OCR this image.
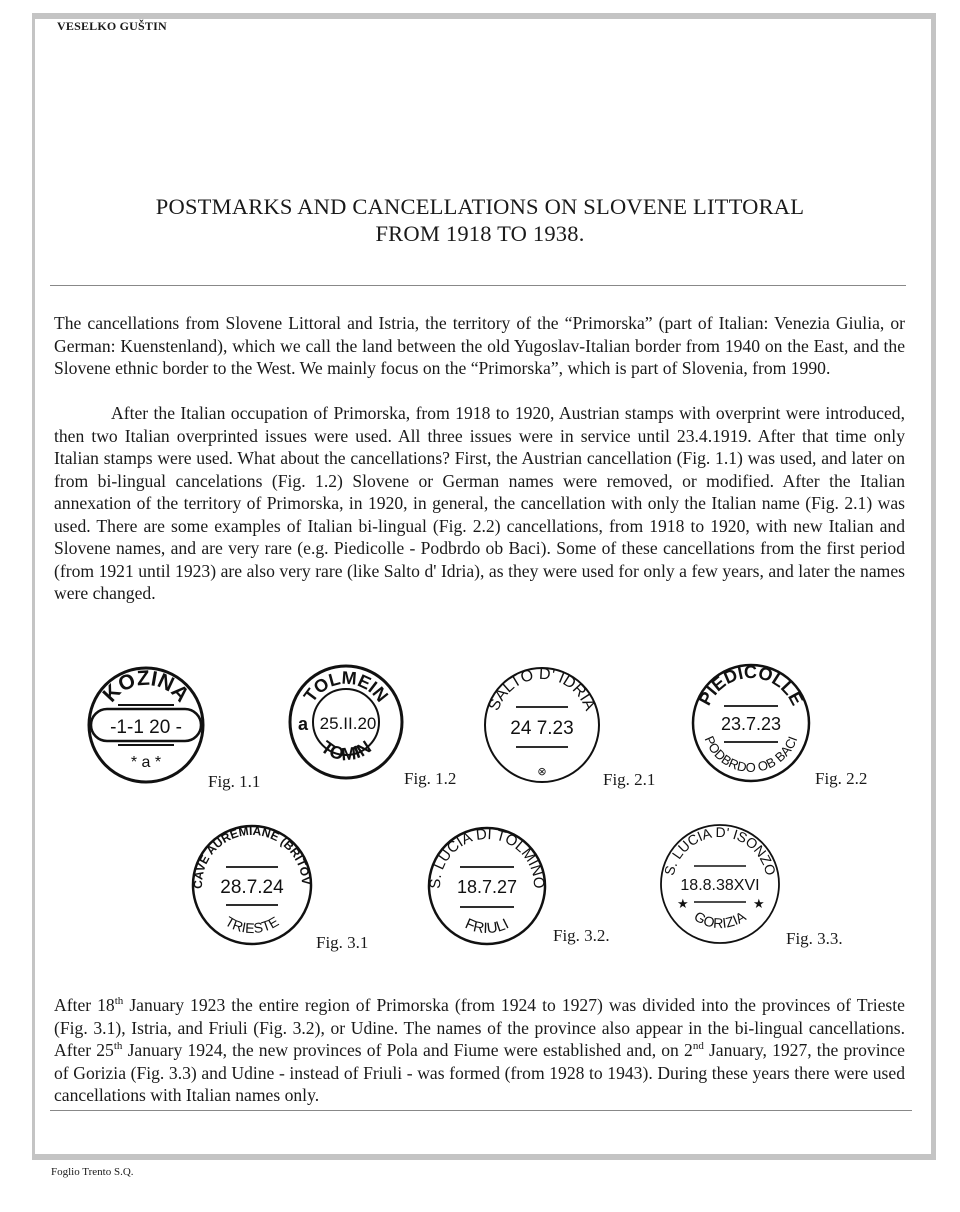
VESELKO GUŠTIN
POSTMARKS AND CANCELLATIONS ON SLOVENE LITTORAL
FROM 1918 TO 1938.

The cancellations from Slovene Littoral and Istria, the territory of the “Primorska” (part of Italian: Venezia Giulia, or German: Kuenstenland), which we call the land between the old Yugoslav-Italian border from 1940 on the East, and the Slovene ethnic border to the West. We mainly focus on the “Primorska”, which is part of Slovenia, from 1990.

After the Italian occupation of Primorska, from 1918 to 1920, Austrian stamps with overprint were introduced, then two Italian overprinted issues were used. All three issues were in service until 23.4.1919. After that time only Italian stamps were used. What about the cancellations? First, the Austrian cancellation (Fig. 1.1) was used, and later on from bi-lingual cancelations (Fig. 1.2) Slovene or German names were removed, or modified. After the Italian annexation of the territory of Primorska, in 1920, in general, the cancellation with only the Italian name (Fig. 2.1) was used. There are some examples of Italian bi-lingual (Fig. 2.2) cancellations, from 1918 to 1920, with new Italian and Slovene names, and are very rare (e.g. Piedicolle - Podbrdo ob Baci). Some of these cancellations from the first period (from 1921 until 1923) are also very rare (like Salto d' Idria), as they were used for only a few years, and later the names were changed.

KOZINA
-1-1 20 -
* a *
Fig. 1.1
TOLMEIN
a 25.II.20
TOMIN
Fig. 1.2
SALTO D' IDRIA
24 7.23
⊗	Fig. 2.1
PIEDICOLLE
23.7.23
PODBRDO OB BACI
Fig. 2.2
CAVE AUREMIANE (BRITOV
28.7.24
TRIESTE
Fig. 3.1
S. LUCIA DI TOLMINO
18.7.27
FRIULI
Fig. 3.2.
S. LUCIA D' ISONZO
18.8.38XVI
★	★
GORIZIA
Fig. 3.3.

After 18th January 1923 the entire region of Primorska (from 1924 to 1927) was divided into the provinces of Trieste (Fig. 3.1), Istria, and Friuli (Fig. 3.2), or Udine. The names of the province also appear in the bi-lingual cancellations. After 25th January 1924, the new provinces of Pola and Fiume were established and, on 2nd January, 1927, the province of Gorizia (Fig. 3.3) and Udine - instead of Friuli - was formed (from 1928 to 1943). During these years there were used cancellations with Italian names only.

Foglio Trento S.Q.
